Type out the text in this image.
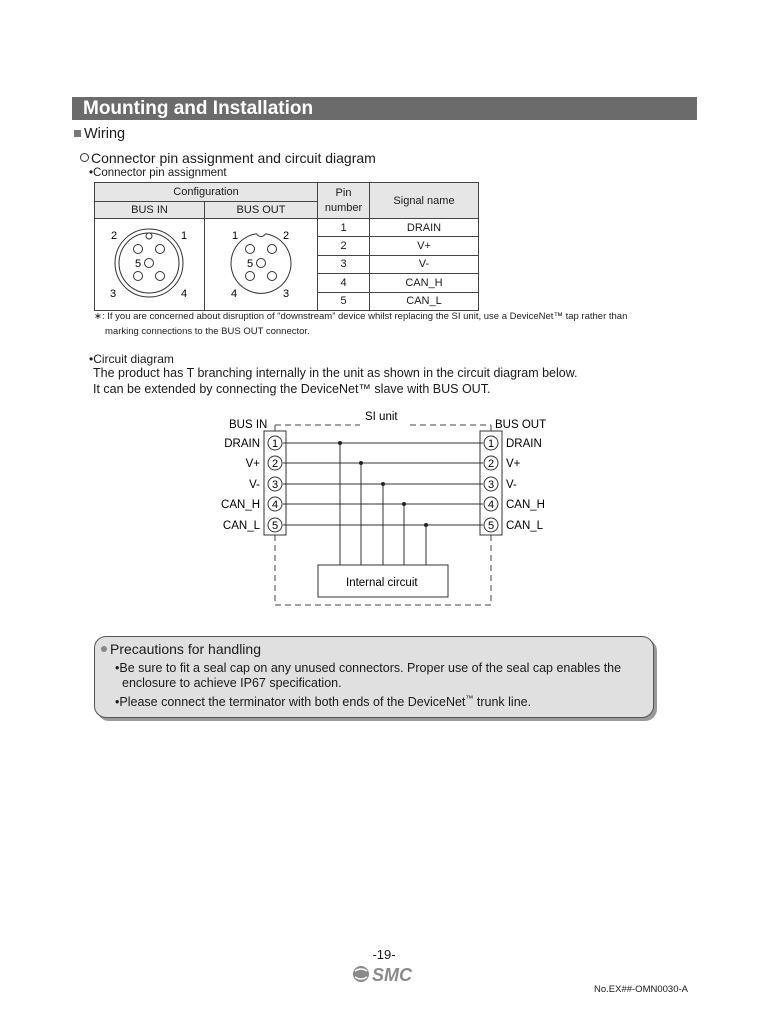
Mounting and Installation
Wiring
Connector pin assignment and circuit diagram
•Connector pin assignment
Configuration		Pin
number	Signal name
BUS IN	BUS OUT		

2 1
5
3 4	1 2
5
4 3	1	DRAIN
		2	V+
		3	V-
		4	CAN_H
		5	CAN_L
∗: If you are concerned about disruption of “downstream” device whilst replacing the SI unit, use a DeviceNet™ tap rather than
marking connections to the BUS OUT connector.
•Circuit diagram
The product has T branching internally in the unit as shown in the circuit diagram below.
It can be extended by connecting the DeviceNet™ slave with BUS OUT.
SI unit
BUS IN	BUS OUT
Internal circuit
1
2
3
4
5
1
2
3
4
5
DRAIN
V+
V-
CAN_H
CAN_L
DRAIN
V+
V-
CAN_H
CAN_L
Precautions for handling
•Be sure to fit a seal cap on any unused connectors. Proper use of the seal cap enables the
enclosure to achieve IP67 specification.
•Please connect the terminator with both ends of the DeviceNet™ trunk line.
-19-
SMC
No.EX##-OMN0030-A
